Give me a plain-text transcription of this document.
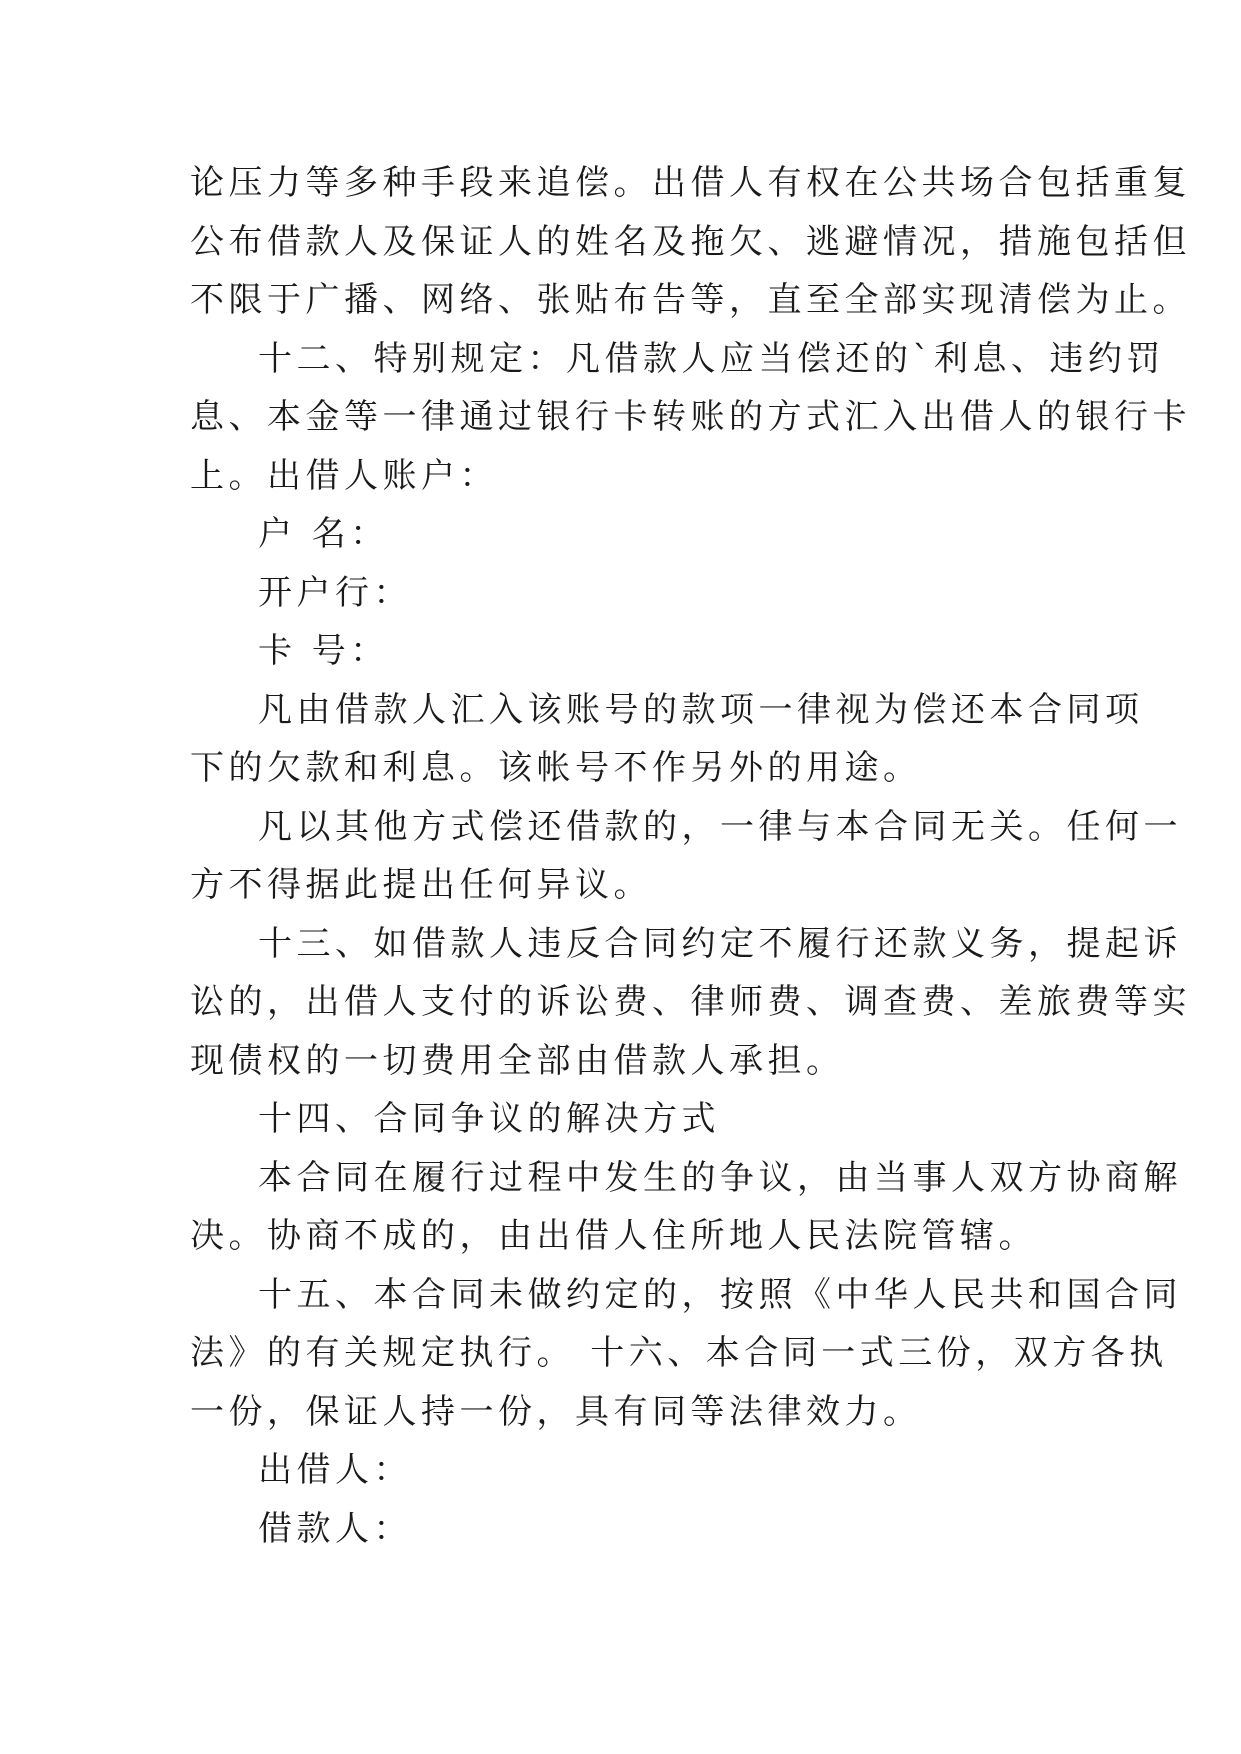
论压力等多种手段来追偿。出借人有权在公共场合包括重复
公布借款人及保证人的姓名及拖欠、逃避情况，措施包括但
不限于广播、网络、张贴布告等，直至全部实现清偿为止。
十二、特别规定：凡借款人应当偿还的`利息、违约罚
息、本金等一律通过银行卡转账的方式汇入出借人的银行卡
上。出借人账户：
户 名：
开户行：
卡 号：
凡由借款人汇入该账号的款项一律视为偿还本合同项
下的欠款和利息。该帐号不作另外的用途。
凡以其他方式偿还借款的，一律与本合同无关。任何一
方不得据此提出任何异议。
十三、如借款人违反合同约定不履行还款义务，提起诉
讼的，出借人支付的诉讼费、律师费、调查费、差旅费等实
现债权的一切费用全部由借款人承担。
十四、合同争议的解决方式
本合同在履行过程中发生的争议，由当事人双方协商解
决。协商不成的，由出借人住所地人民法院管辖。
十五、本合同未做约定的，按照《中华人民共和国合同
法》的有关规定执行。 十六、本合同一式三份，双方各执
一份，保证人持一份，具有同等法律效力。
出借人：
借款人：
